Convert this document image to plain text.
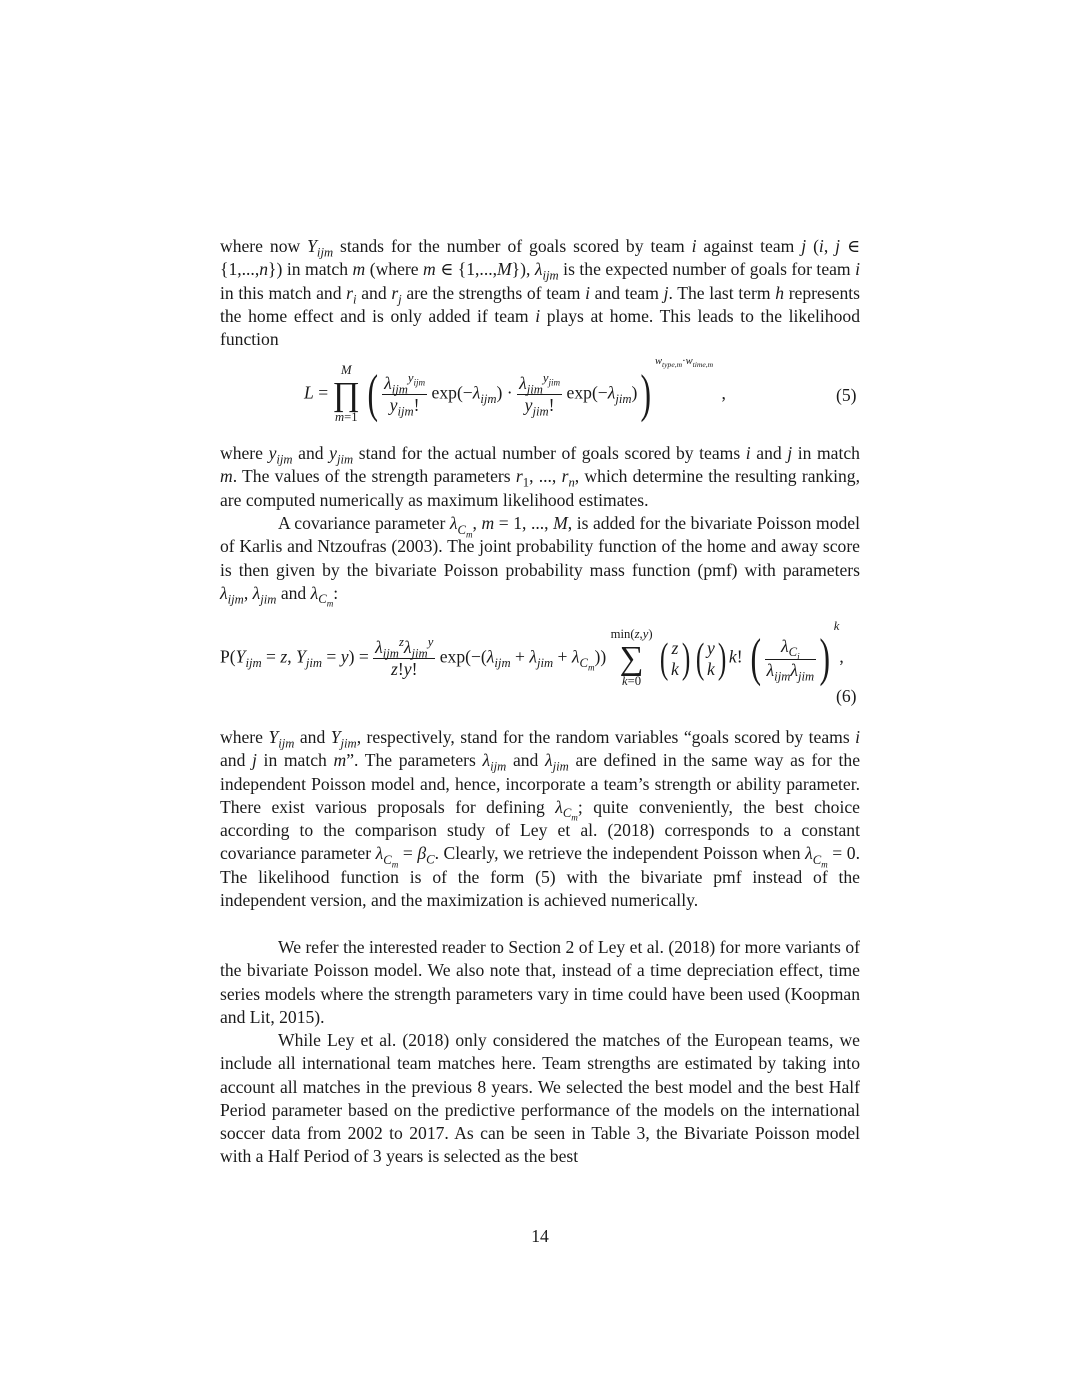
where now $Y_{ijm}$ stands for the number of goals scored by team i against team j (i, j ∈ {1,...,n}) in match m (where m ∈ {1,...,M}), $\lambda_{ijm}$ is the expected number of goals for team i in this match and $r_i$ and $r_j$ are the strengths of team i and team j. The last term h represents the home effect and is only added if team i plays at home. This leads to the likelihood function

L =
M
∏
m=1 ( $\frac{\lambda_{ijm}^{y_{ijm}}}{y_{ijm}!} \exp(-\lambda_{ijm}) \cdot \frac{\lambda_{jim}^{y_{jim}}}{y_{jim}!} \exp(-\lambda_{jim}))^{w_{type,m}\cdot w_{time,m}}$ ,	(5)

where $y_{ijm}$ and $y_{jim}$ stand for the actual number of goals scored by teams i and j in match m. The values of the strength parameters $r_1$, ..., $r_n$, which determine the resulting ranking, are computed numerically as maximum likelihood estimates.

A covariance parameter $\lambda_{C_m}$, m = 1, ..., M, is added for the bivariate Poisson model of Karlis and Ntzoufras (2003). The joint probability function of the home and away score is then given by the bivariate Poisson probability mass function (pmf) with parameters $\lambda_{ijm}$, $\lambda_{jim}$ and $\lambda_{C_m}$:

$P(Y_{ijm} = z$, $Y_{jim} = y) = \frac{\lambda_{ijm}^z\lambda_{jim}^y}{z!y!} \exp(-(\lambda_{ijm} + \lambda_{jim} + \lambda_{C_m}))$
min(z,y)
∑
k=0 ( z
k ) ( y
k ) k! ( $\frac{\lambda_{C_i}}{\lambda_{ijm}\lambda_{jim}} )^k$,
(6)

where $Y_{ijm}$ and $Y_{jim}$, respectively, stand for the random variables “goals scored by teams i and j in match m”. The parameters $\lambda_{ijm}$ and $\lambda_{jim}$ are defined in the same way as for the independent Poisson model and, hence, incorporate a team’s strength or ability parameter. There exist various proposals for defining $\lambda_{C_m}$; quite conveniently, the best choice according to the comparison study of Ley et al. (2018) corresponds to a constant covariance parameter $\lambda_{C_m} = \beta_C$. Clearly, we retrieve the independent Poisson when $\lambda_{C_m} = 0$. The likelihood function is of the form (5) with the bivariate pmf instead of the independent version, and the maximization is achieved numerically.

We refer the interested reader to Section 2 of Ley et al. (2018) for more variants of the bivariate Poisson model. We also note that, instead of a time depreciation effect, time series models where the strength parameters vary in time could have been used (Koopman and Lit, 2015).

While Ley et al. (2018) only considered the matches of the European teams, we include all international team matches here. Team strengths are estimated by taking into account all matches in the previous 8 years. We selected the best model and the best Half Period parameter based on the predictive performance of the models on the international soccer data from 2002 to 2017. As can be seen in Table 3, the Bivariate Poisson model with a Half Period of 3 years is selected as the best

14
